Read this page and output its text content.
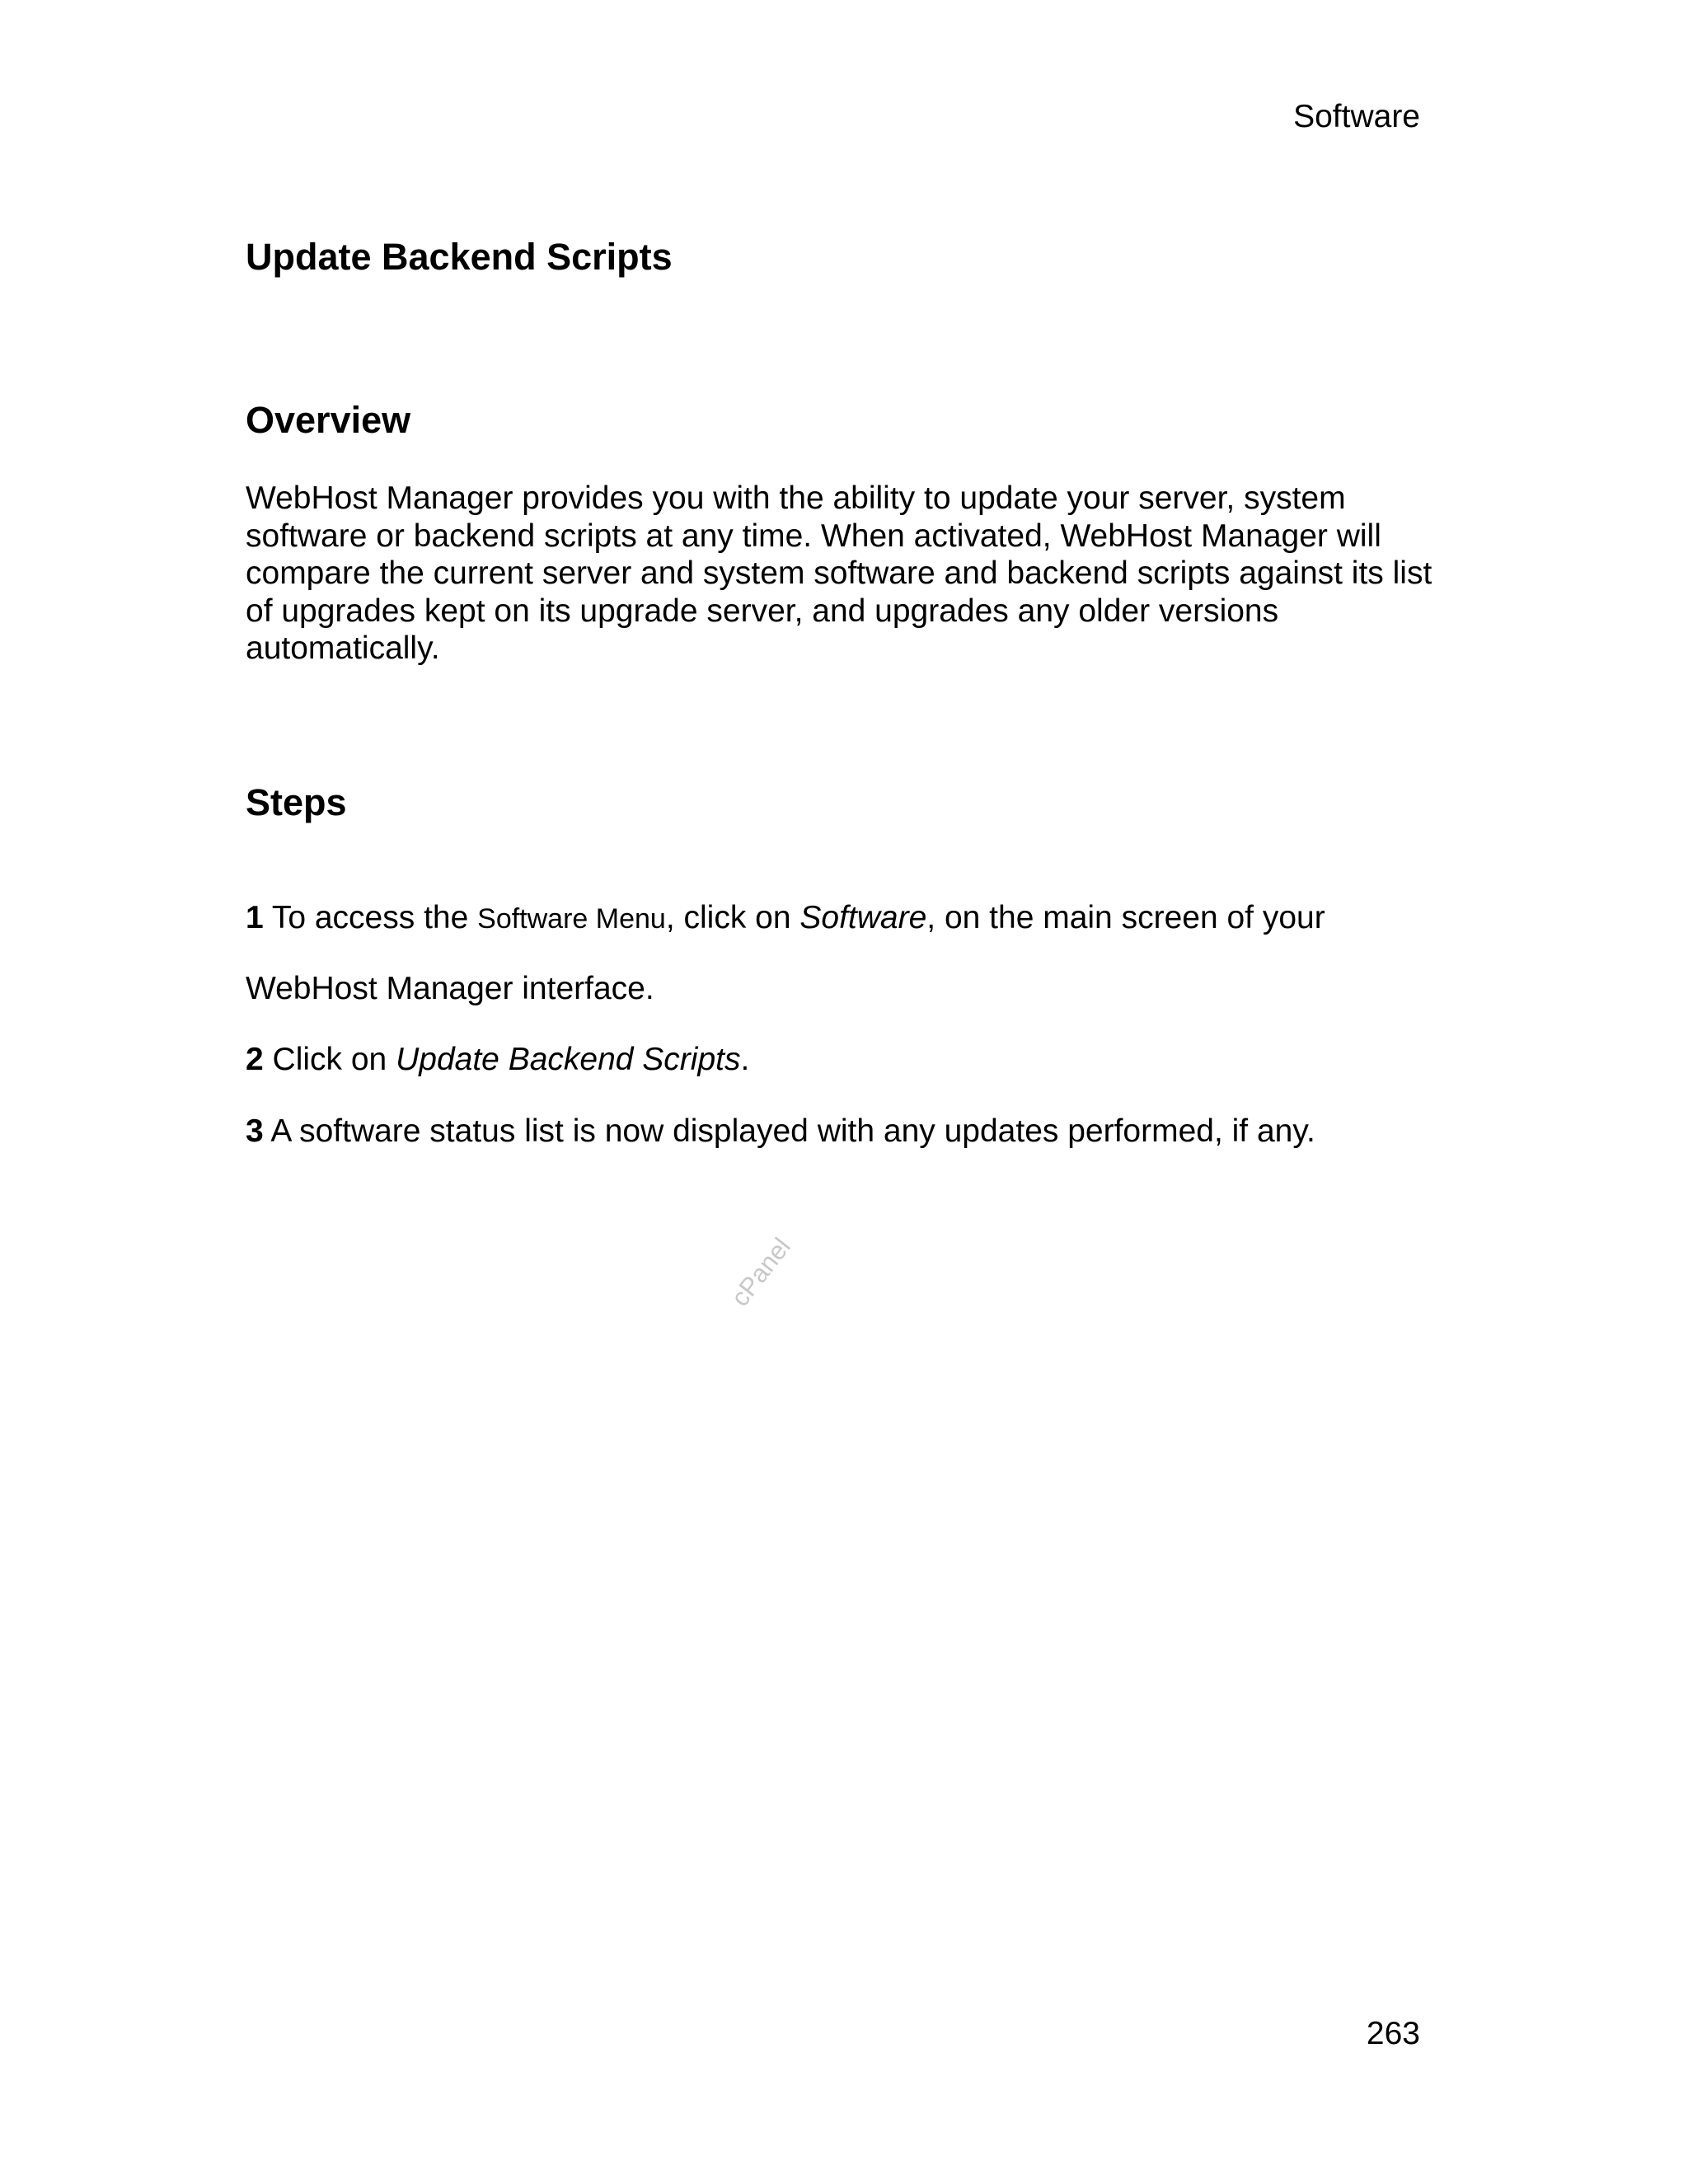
Software
Update Backend Scripts
Overview

WebHost Manager provides you with the ability to update your server, system software or backend scripts at any time. When activated, WebHost Manager will compare the current server and system software and backend scripts against its list of upgrades kept on its upgrade server, and upgrades any older versions automatically.

Steps

1 To access the Software Menu, click on Software, on the main screen of your

WebHost Manager interface.

2 Click on Update Backend Scripts.

3 A software status list is now displayed with any updates performed, if any.

cPanel
263
